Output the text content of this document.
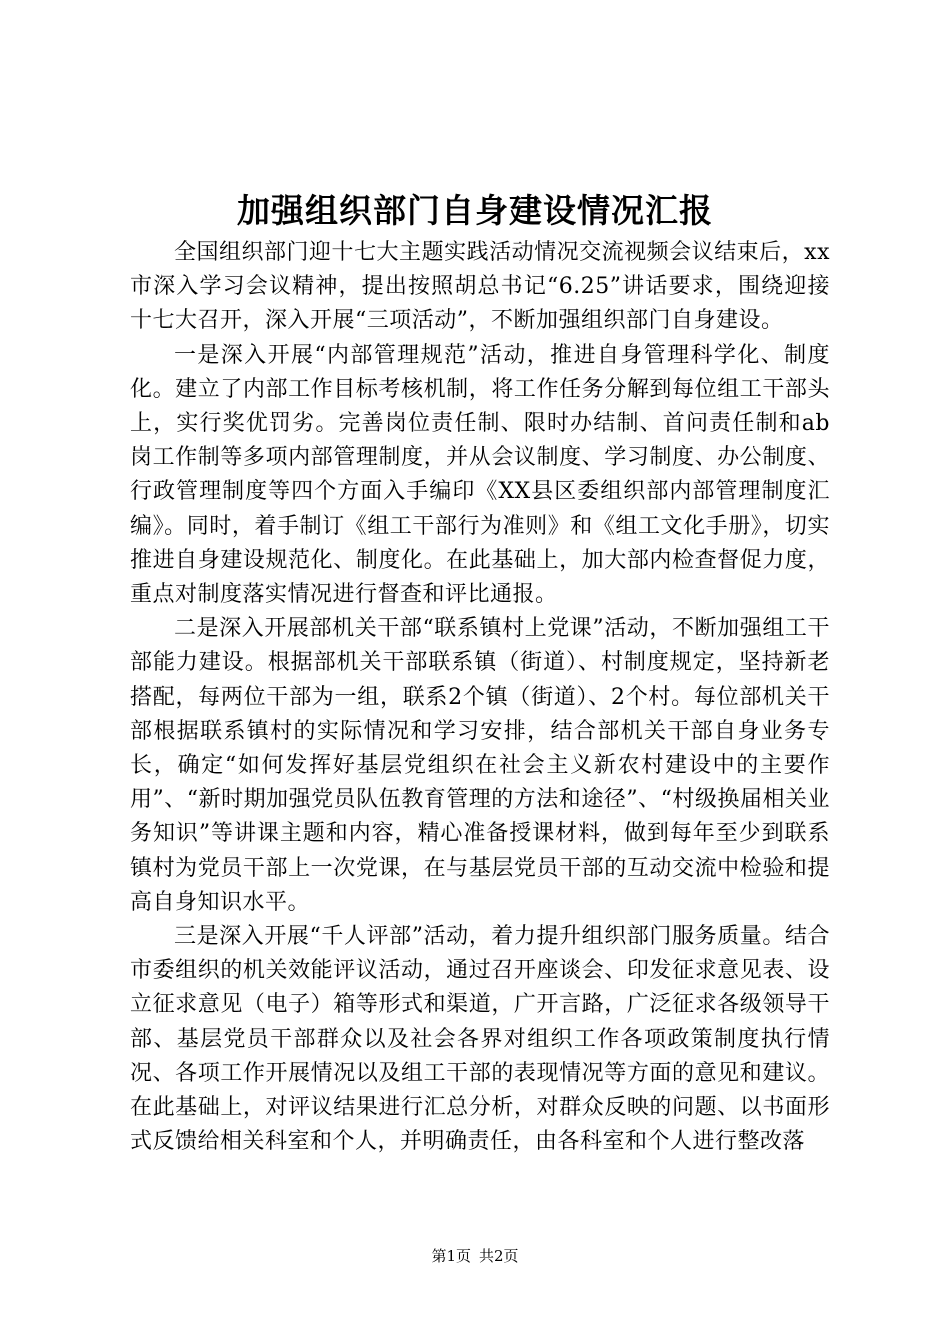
加强组织部门自身建设情况汇报

全国组织部门迎十七大主题实践活动情况交流视频会议结束后，xx市深入学习会议精神，提出按照胡总书记“6.25”讲话要求，围绕迎接十七大召开，深入开展“三项活动”，不断加强组织部门自身建设。

一是深入开展“内部管理规范”活动，推进自身管理科学化、制度化。建立了内部工作目标考核机制，将工作任务分解到每位组工干部头上，实行奖优罚劣。完善岗位责任制、限时办结制、首问责任制和ab岗工作制等多项内部管理制度，并从会议制度、学习制度、办公制度、行政管理制度等四个方面入手编印《XX县区委组织部内部管理制度汇编》。同时，着手制订《组工干部行为准则》和《组工文化手册》，切实推进自身建设规范化、制度化。在此基础上，加大部内检查督促力度，重点对制度落实情况进行督查和评比通报。

二是深入开展部机关干部“联系镇村上党课”活动，不断加强组工干部能力建设。根据部机关干部联系镇（街道）、村制度规定，坚持新老搭配，每两位干部为一组，联系2个镇（街道）、2个村。每位部机关干部根据联系镇村的实际情况和学习安排，结合部机关干部自身业务专长，确定“如何发挥好基层党组织在社会主义新农村建设中的主要作用”、“新时期加强党员队伍教育管理的方法和途径”、“村级换届相关业务知识”等讲课主题和内容，精心准备授课材料，做到每年至少到联系镇村为党员干部上一次党课，在与基层党员干部的互动交流中检验和提高自身知识水平。

三是深入开展“千人评部”活动，着力提升组织部门服务质量。结合市委组织的机关效能评议活动，通过召开座谈会、印发征求意见表、设立征求意见（电子）箱等形式和渠道，广开言路，广泛征求各级领导干部、基层党员干部群众以及社会各界对组织工作各项政策制度执行情况、各项工作开展情况以及组工干部的表现情况等方面的意见和建议。在此基础上，对评议结果进行汇总分析，对群众反映的问题、以书面形式反馈给相关科室和个人，并明确责任，由各科室和个人进行整改落

第1页 共2页
